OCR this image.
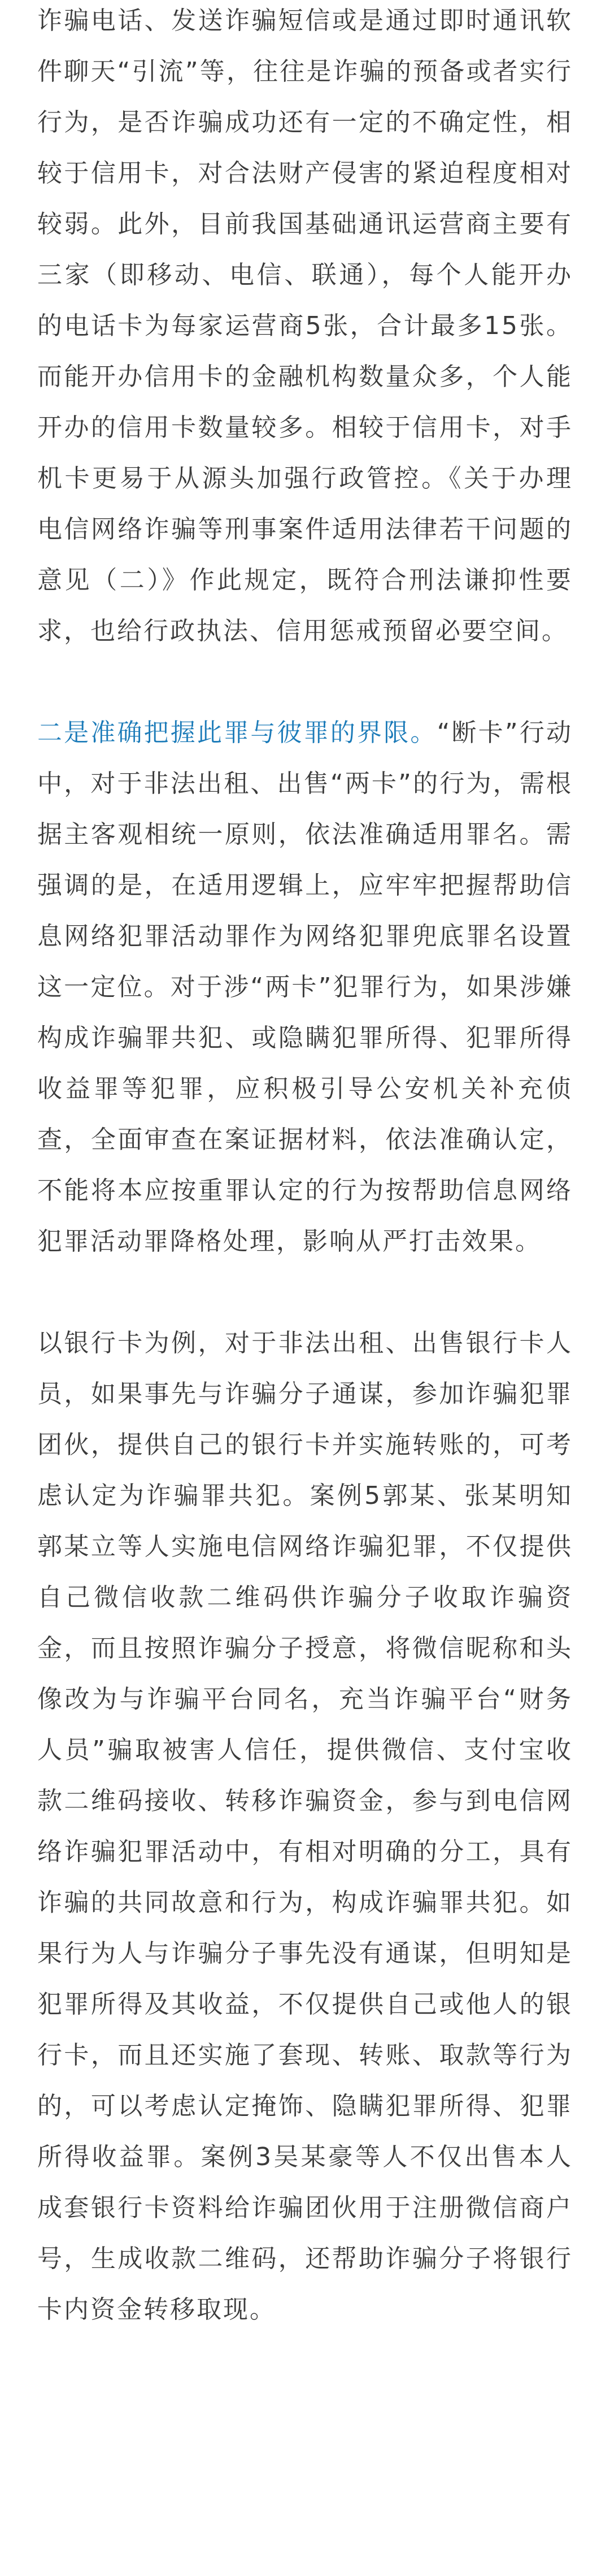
诈骗电话、发送诈骗短信或是通过即时通讯软件聊天“引流”等，往往是诈骗的预备或者实行行为，是否诈骗成功还有一定的不确定性，相较于信用卡，对合法财产侵害的紧迫程度相对较弱。此外，目前我国基础通讯运营商主要有三家（即移动、电信、联通），每个人能开办的电话卡为每家运营商5张，合计最多15张。而能开办信用卡的金融机构数量众多，个人能开办的信用卡数量较多。相较于信用卡，对手机卡更易于从源头加强行政管控。《关于办理电信网络诈骗等刑事案件适用法律若干问题的意见（二）》作此规定，既符合刑法谦抑性要求，也给行政执法、信用惩戒预留必要空间。

二是准确把握此罪与彼罪的界限。“断卡”行动中，对于非法出租、出售“两卡”的行为，需根据主客观相统一原则，依法准确适用罪名。需强调的是，在适用逻辑上，应牢牢把握帮助信息网络犯罪活动罪作为网络犯罪兜底罪名设置这一定位。对于涉“两卡”犯罪行为，如果涉嫌构成诈骗罪共犯、或隐瞒犯罪所得、犯罪所得收益罪等犯罪，应积极引导公安机关补充侦查，全面审查在案证据材料，依法准确认定，不能将本应按重罪认定的行为按帮助信息网络犯罪活动罪降格处理，影响从严打击效果。

以银行卡为例，对于非法出租、出售银行卡人员，如果事先与诈骗分子通谋，参加诈骗犯罪团伙，提供自己的银行卡并实施转账的，可考虑认定为诈骗罪共犯。案例5郭某、张某明知郭某立等人实施电信网络诈骗犯罪，不仅提供自己微信收款二维码供诈骗分子收取诈骗资金，而且按照诈骗分子授意，将微信昵称和头像改为与诈骗平台同名，充当诈骗平台“财务人员”骗取被害人信任，提供微信、支付宝收款二维码接收、转移诈骗资金，参与到电信网络诈骗犯罪活动中，有相对明确的分工，具有诈骗的共同故意和行为，构成诈骗罪共犯。如果行为人与诈骗分子事先没有通谋，但明知是犯罪所得及其收益，不仅提供自己或他人的银行卡，而且还实施了套现、转账、取款等行为的，可以考虑认定掩饰、隐瞒犯罪所得、犯罪所得收益罪。案例3吴某豪等人不仅出售本人成套银行卡资料给诈骗团伙用于注册微信商户号，生成收款二维码，还帮助诈骗分子将银行卡内资金转移取现。
